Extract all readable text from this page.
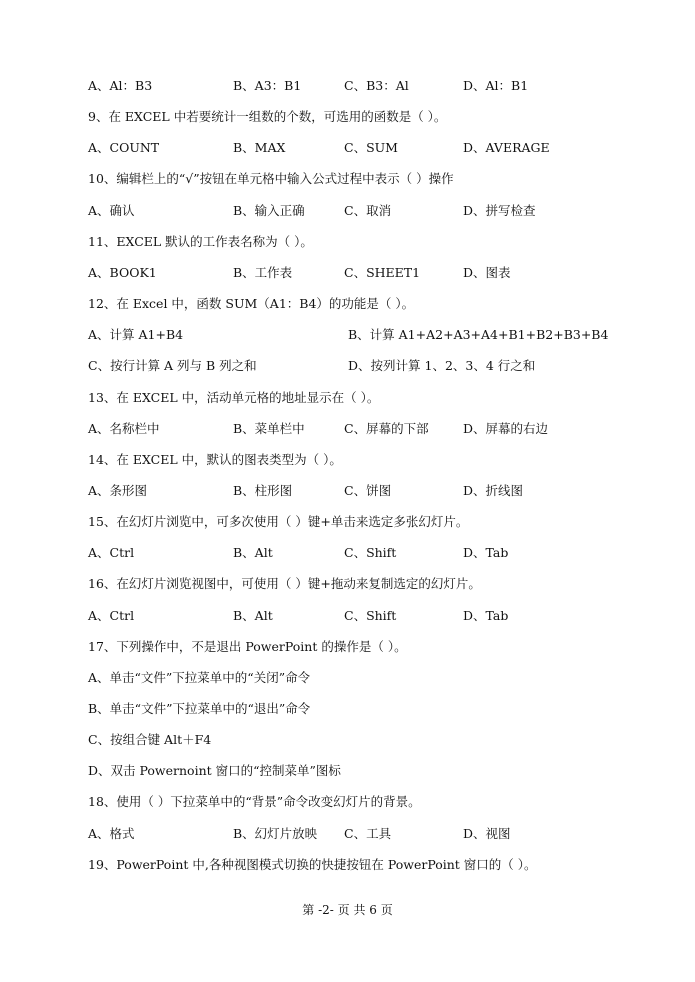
A、Al：B3	B、A3：B1	C、B3：Al	D、Al：B1
9、在 EXCEL 中若要统计一组数的个数，可选用的函数是（ ）。
A、COUNT	B、MAX	C、SUM	D、AVERAGE
10、编辑栏上的“√”按钮在单元格中输入公式过程中表示（ ）操作
A、确认	B、输入正确	C、取消	D、拼写检查
11、EXCEL 默认的工作表名称为（ ）。
A、BOOK1	B、工作表	C、SHEET1	D、图表
12、在 Excel 中，函数 SUM（A1：B4）的功能是（ ）。
A、计算 A1+B4	B、计算 A1+A2+A3+A4+B1+B2+B3+B4
C、按行计算 A 列与 B 列之和	D、按列计算 1、2、3、4 行之和
13、在 EXCEL 中，活动单元格的地址显示在（ ）。
A、名称栏中	B、菜单栏中	C、屏幕的下部	D、屏幕的右边
14、在 EXCEL 中，默认的图表类型为（ ）。
A、条形图	B、柱形图	C、饼图	D、折线图
15、在幻灯片浏览中，可多次使用（ ）键+单击来选定多张幻灯片。
A、Ctrl	B、Alt	C、Shift	D、Tab
16、在幻灯片浏览视图中，可使用（ ）键+拖动来复制选定的幻灯片。
A、Ctrl	B、Alt	C、Shift	D、Tab
17、下列操作中，不是退出 PowerPoint 的操作是（ ）。
A、单击“文件”下拉菜单中的“关闭”命令
B、单击“文件”下拉菜单中的“退出”命令
C、按组合键 Alt＋F4
D、双击 Powernoint 窗口的“控制菜单”图标
18、使用（ ）下拉菜单中的“背景”命令改变幻灯片的背景。
A、格式	B、幻灯片放映 C、工具	D、视图
19、PowerPoint 中,各种视图模式切换的快捷按钮在 PowerPoint 窗口的（ ）。
第 -2- 页 共 6 页
